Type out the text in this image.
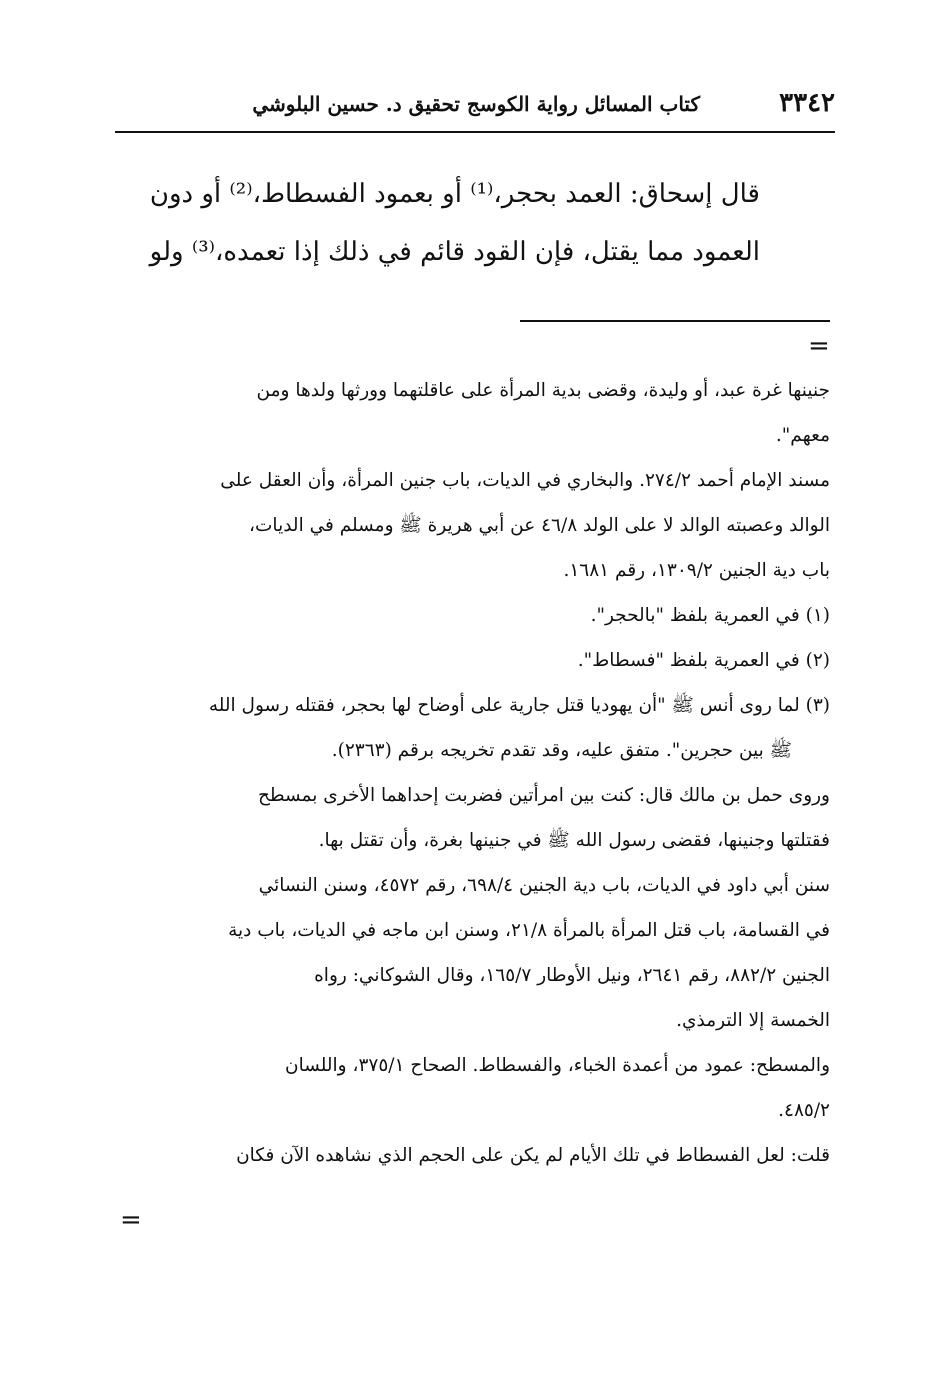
٣٣٤٢
كتاب المسائل رواية الكوسج تحقيق د. حسين البلوشي
قال إسحاق: العمد بحجر،⁽¹⁾ أو بعمود الفسطاط،⁽²⁾ أو دون
العمود مما يقتل، فإن القود قائم في ذلك إذا تعمده،⁽³⁾ ولو
=
جنينها غرة عبد، أو وليدة، وقضى بدية المرأة على عاقلتهما وورثها ولدها ومن
معهم".
مسند الإمام أحمد ٢٧٤/٢. والبخاري في الديات، باب جنين المرأة، وأن العقل على
الوالد وعصبته الوالد لا على الولد ٤٦/٨ عن أبي هريرة ﷺ ومسلم في الديات،
باب دية الجنين ١٣٠٩/٢، رقم ١٦٨١.
(١) في العمرية بلفظ "بالحجر".
(٢) في العمرية بلفظ "فسطاط".
(٣) لما روى أنس ﷺ "أن يهوديا قتل جارية على أوضاح لها بحجر، فقتله رسول الله
ﷺ بين حجرين". متفق عليه، وقد تقدم تخريجه برقم (٢٣٦٣).
وروى حمل بن مالك قال: كنت بين امرأتين فضربت إحداهما الأخرى بمسطح
فقتلتها وجنينها، فقضى رسول الله ﷺ في جنينها بغرة، وأن تقتل بها.
سنن أبي داود في الديات، باب دية الجنين ٦٩٨/٤، رقم ٤٥٧٢، وسنن النسائي
في القسامة، باب قتل المرأة بالمرأة ٢١/٨، وسنن ابن ماجه في الديات، باب دية
الجنين ٨٨٢/٢، رقم ٢٦٤١، ونيل الأوطار ١٦٥/٧، وقال الشوكاني: رواه
الخمسة إلا الترمذي.
والمسطح: عمود من أعمدة الخباء، والفسطاط. الصحاح ٣٧٥/١، واللسان
٤٨٥/٢.
قلت: لعل الفسطاط في تلك الأيام لم يكن على الحجم الذي نشاهده الآن فكان
=
